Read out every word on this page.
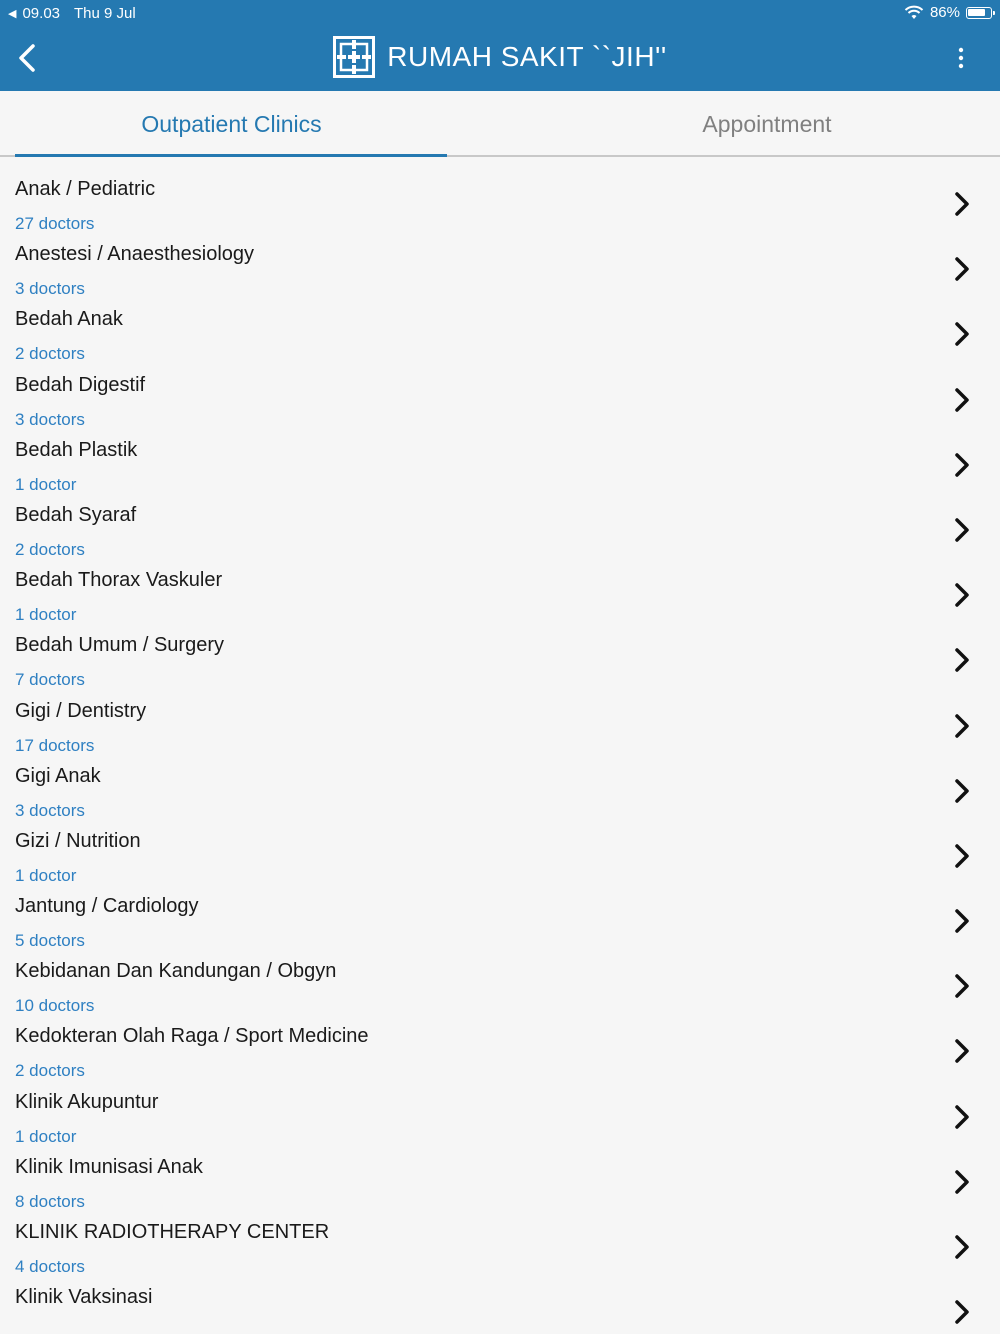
◀ 09.03 Thu 9 Jul	86%
RUMAH SAKIT ``JIH''
Outpatient Clinics	Appointment
Anak / Pediatric
27 doctors
Anestesi / Anaesthesiology
3 doctors
Bedah Anak
2 doctors
Bedah Digestif
3 doctors
Bedah Plastik
1 doctor
Bedah Syaraf
2 doctors
Bedah Thorax Vaskuler
1 doctor
Bedah Umum / Surgery
7 doctors
Gigi / Dentistry
17 doctors
Gigi Anak
3 doctors
Gizi / Nutrition
1 doctor
Jantung / Cardiology
5 doctors
Kebidanan Dan Kandungan / Obgyn
10 doctors
Kedokteran Olah Raga / Sport Medicine
2 doctors
Klinik Akupuntur
1 doctor
Klinik Imunisasi Anak
8 doctors
KLINIK RADIOTHERAPY CENTER
4 doctors
Klinik Vaksinasi
